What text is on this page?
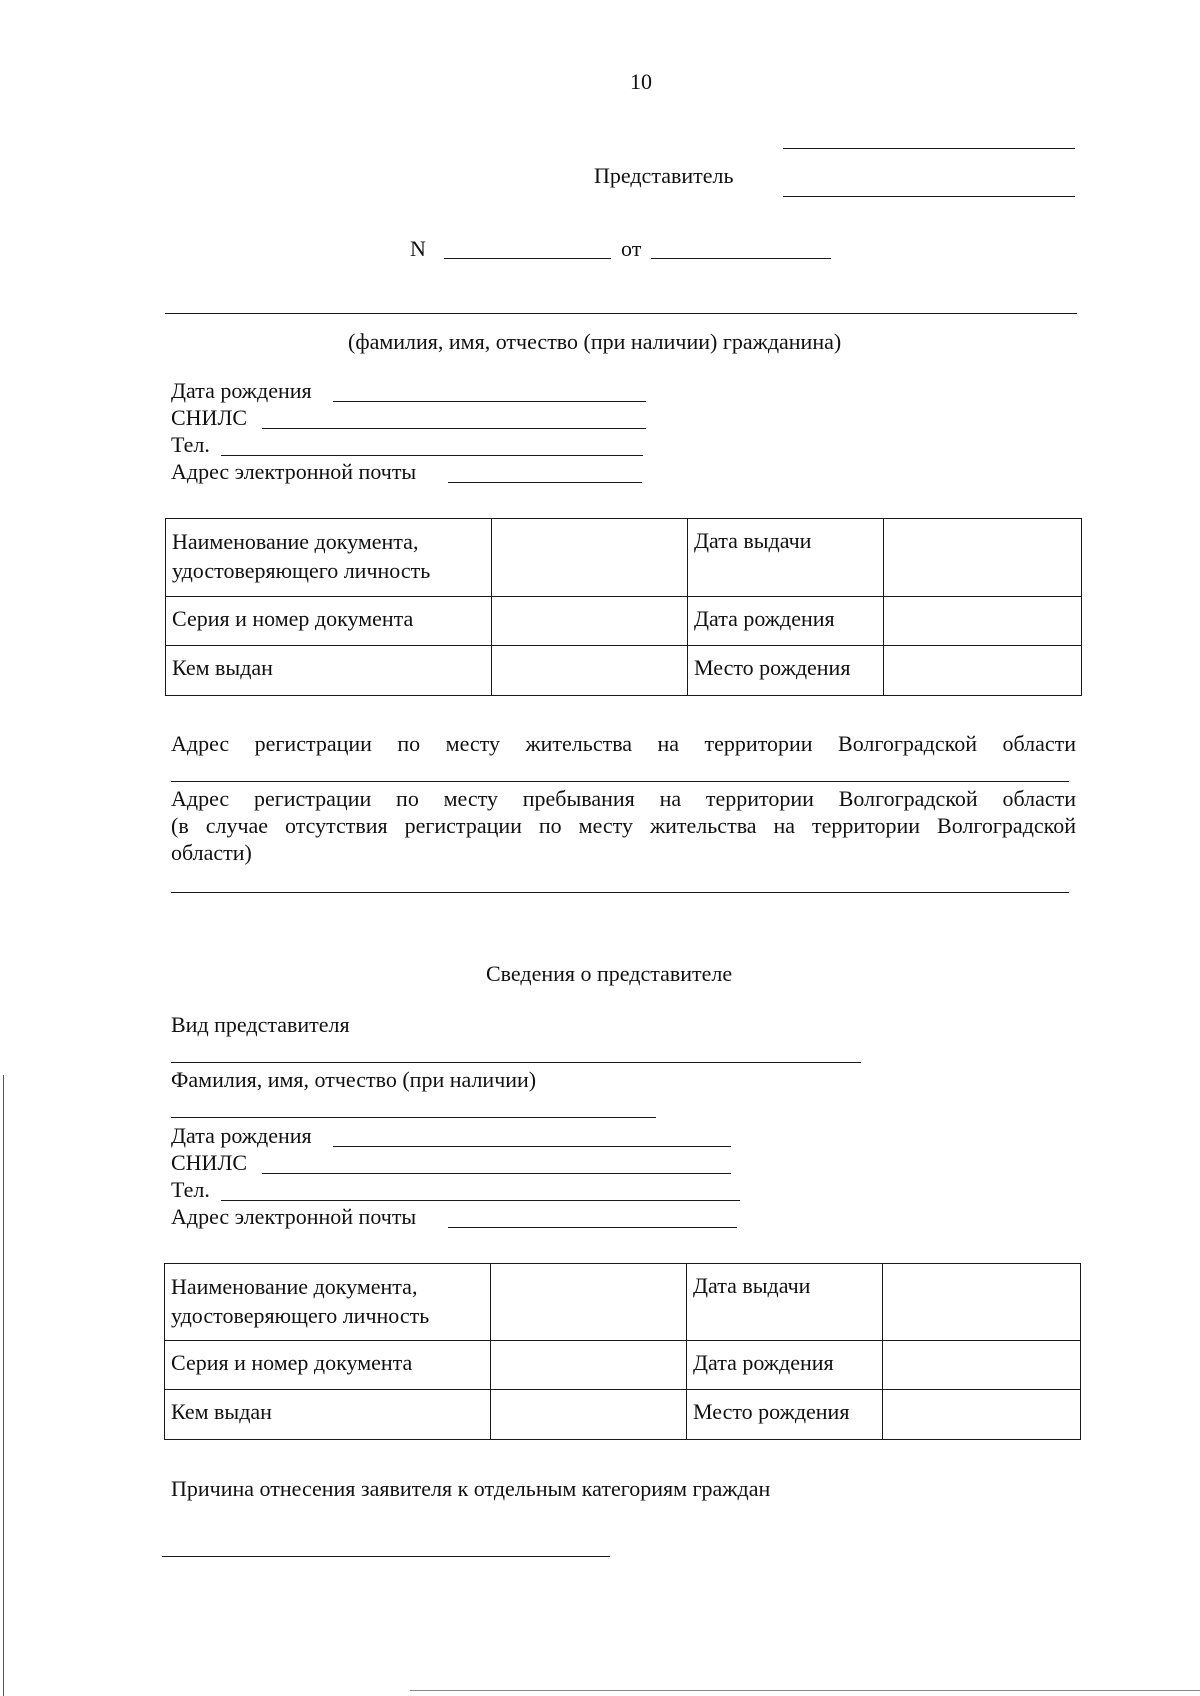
10
Представитель
N	от
(фамилия, имя, отчество (при наличии) гражданина)
Дата рождения
СНИЛС
Тел.
Адрес электронной почты
Наименование документа, удостоверяющего личность		Дата выдачи	
Серия и номер документа		Дата рождения	
Кем выдан		Место рождения	
Адрес регистрации по месту жительства на территории Волгоградской области
Адрес регистрации по месту пребывания на территории Волгоградской области
(в случае отсутствия регистрации по месту жительства на территории Волгоградской
области)
Сведения о представителе
Вид представителя
Фамилия, имя, отчество (при наличии)
Дата рождения
СНИЛС
Тел.
Адрес электронной почты
Наименование документа, удостоверяющего личность		Дата выдачи	
Серия и номер документа		Дата рождения	
Кем выдан		Место рождения	
Причина отнесения заявителя к отдельным категориям граждан
